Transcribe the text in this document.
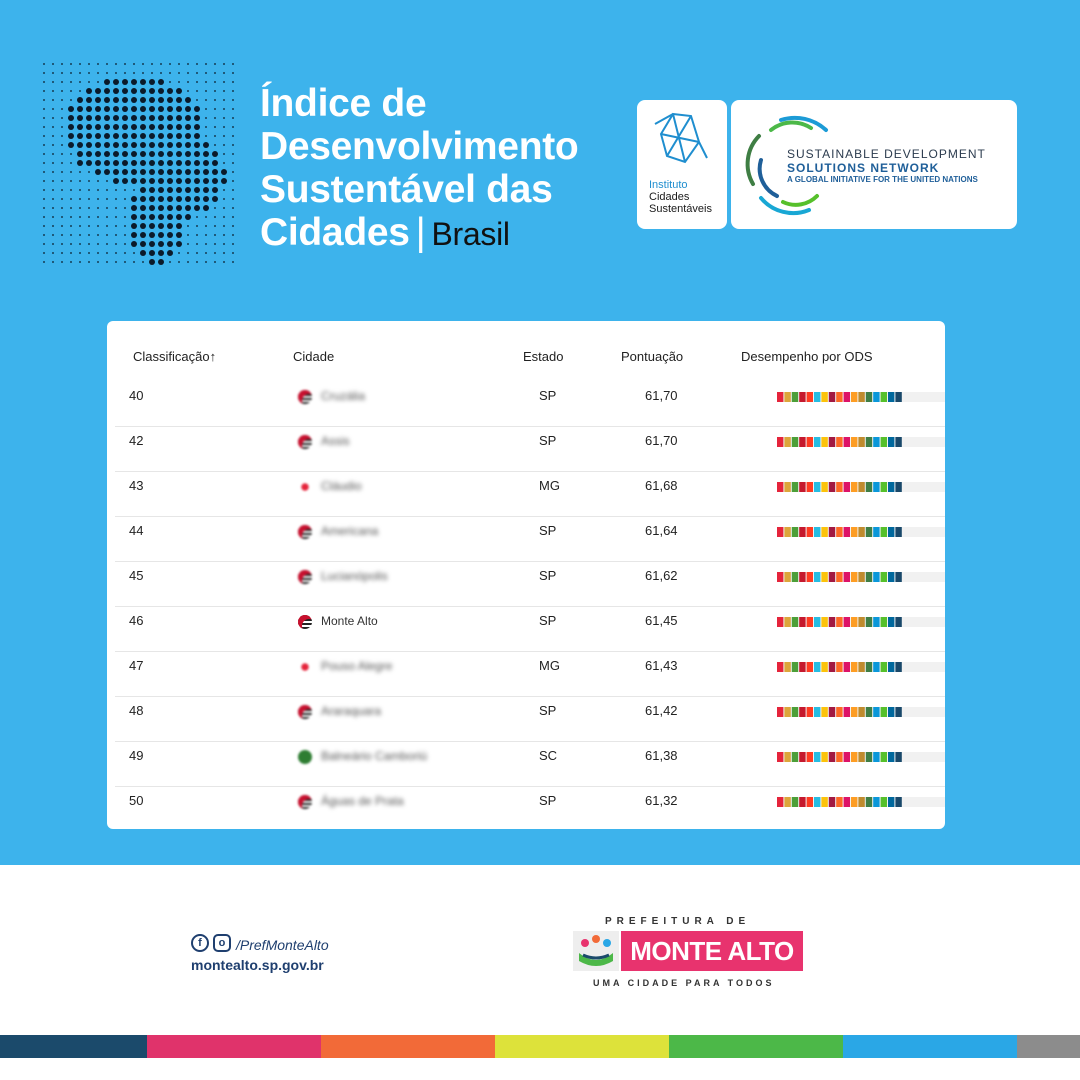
Índice de
Desenvolvimento
Sustentável das
Cidades | Brasil
Instituto
Cidades
Sustentáveis
SUSTAINABLE DEVELOPMENT
SOLUTIONS NETWORK
A GLOBAL INITIATIVE FOR THE UNITED NATIONS
Classificação↑	Cidade	Estado	Pontuação	Desempenho por ODS
40	Cruzália	SP	61,70
42	Assis	SP	61,70
43	Cláudio	MG	61,68
44	Americana	SP	61,64
45	Lucianópolis	SP	61,62
46	Monte Alto	SP	61,45
47	Pouso Alegre	MG	61,43
48	Araraquara	SP	61,42
49	Balneário Camboriú	SC	61,38
50	Águas de Prata	SP	61,32
f	o /PrefMonteAlto
montealto.sp.gov.br
PREFEITURA DE
MONTE ALTO
UMA CIDADE PARA TODOS
